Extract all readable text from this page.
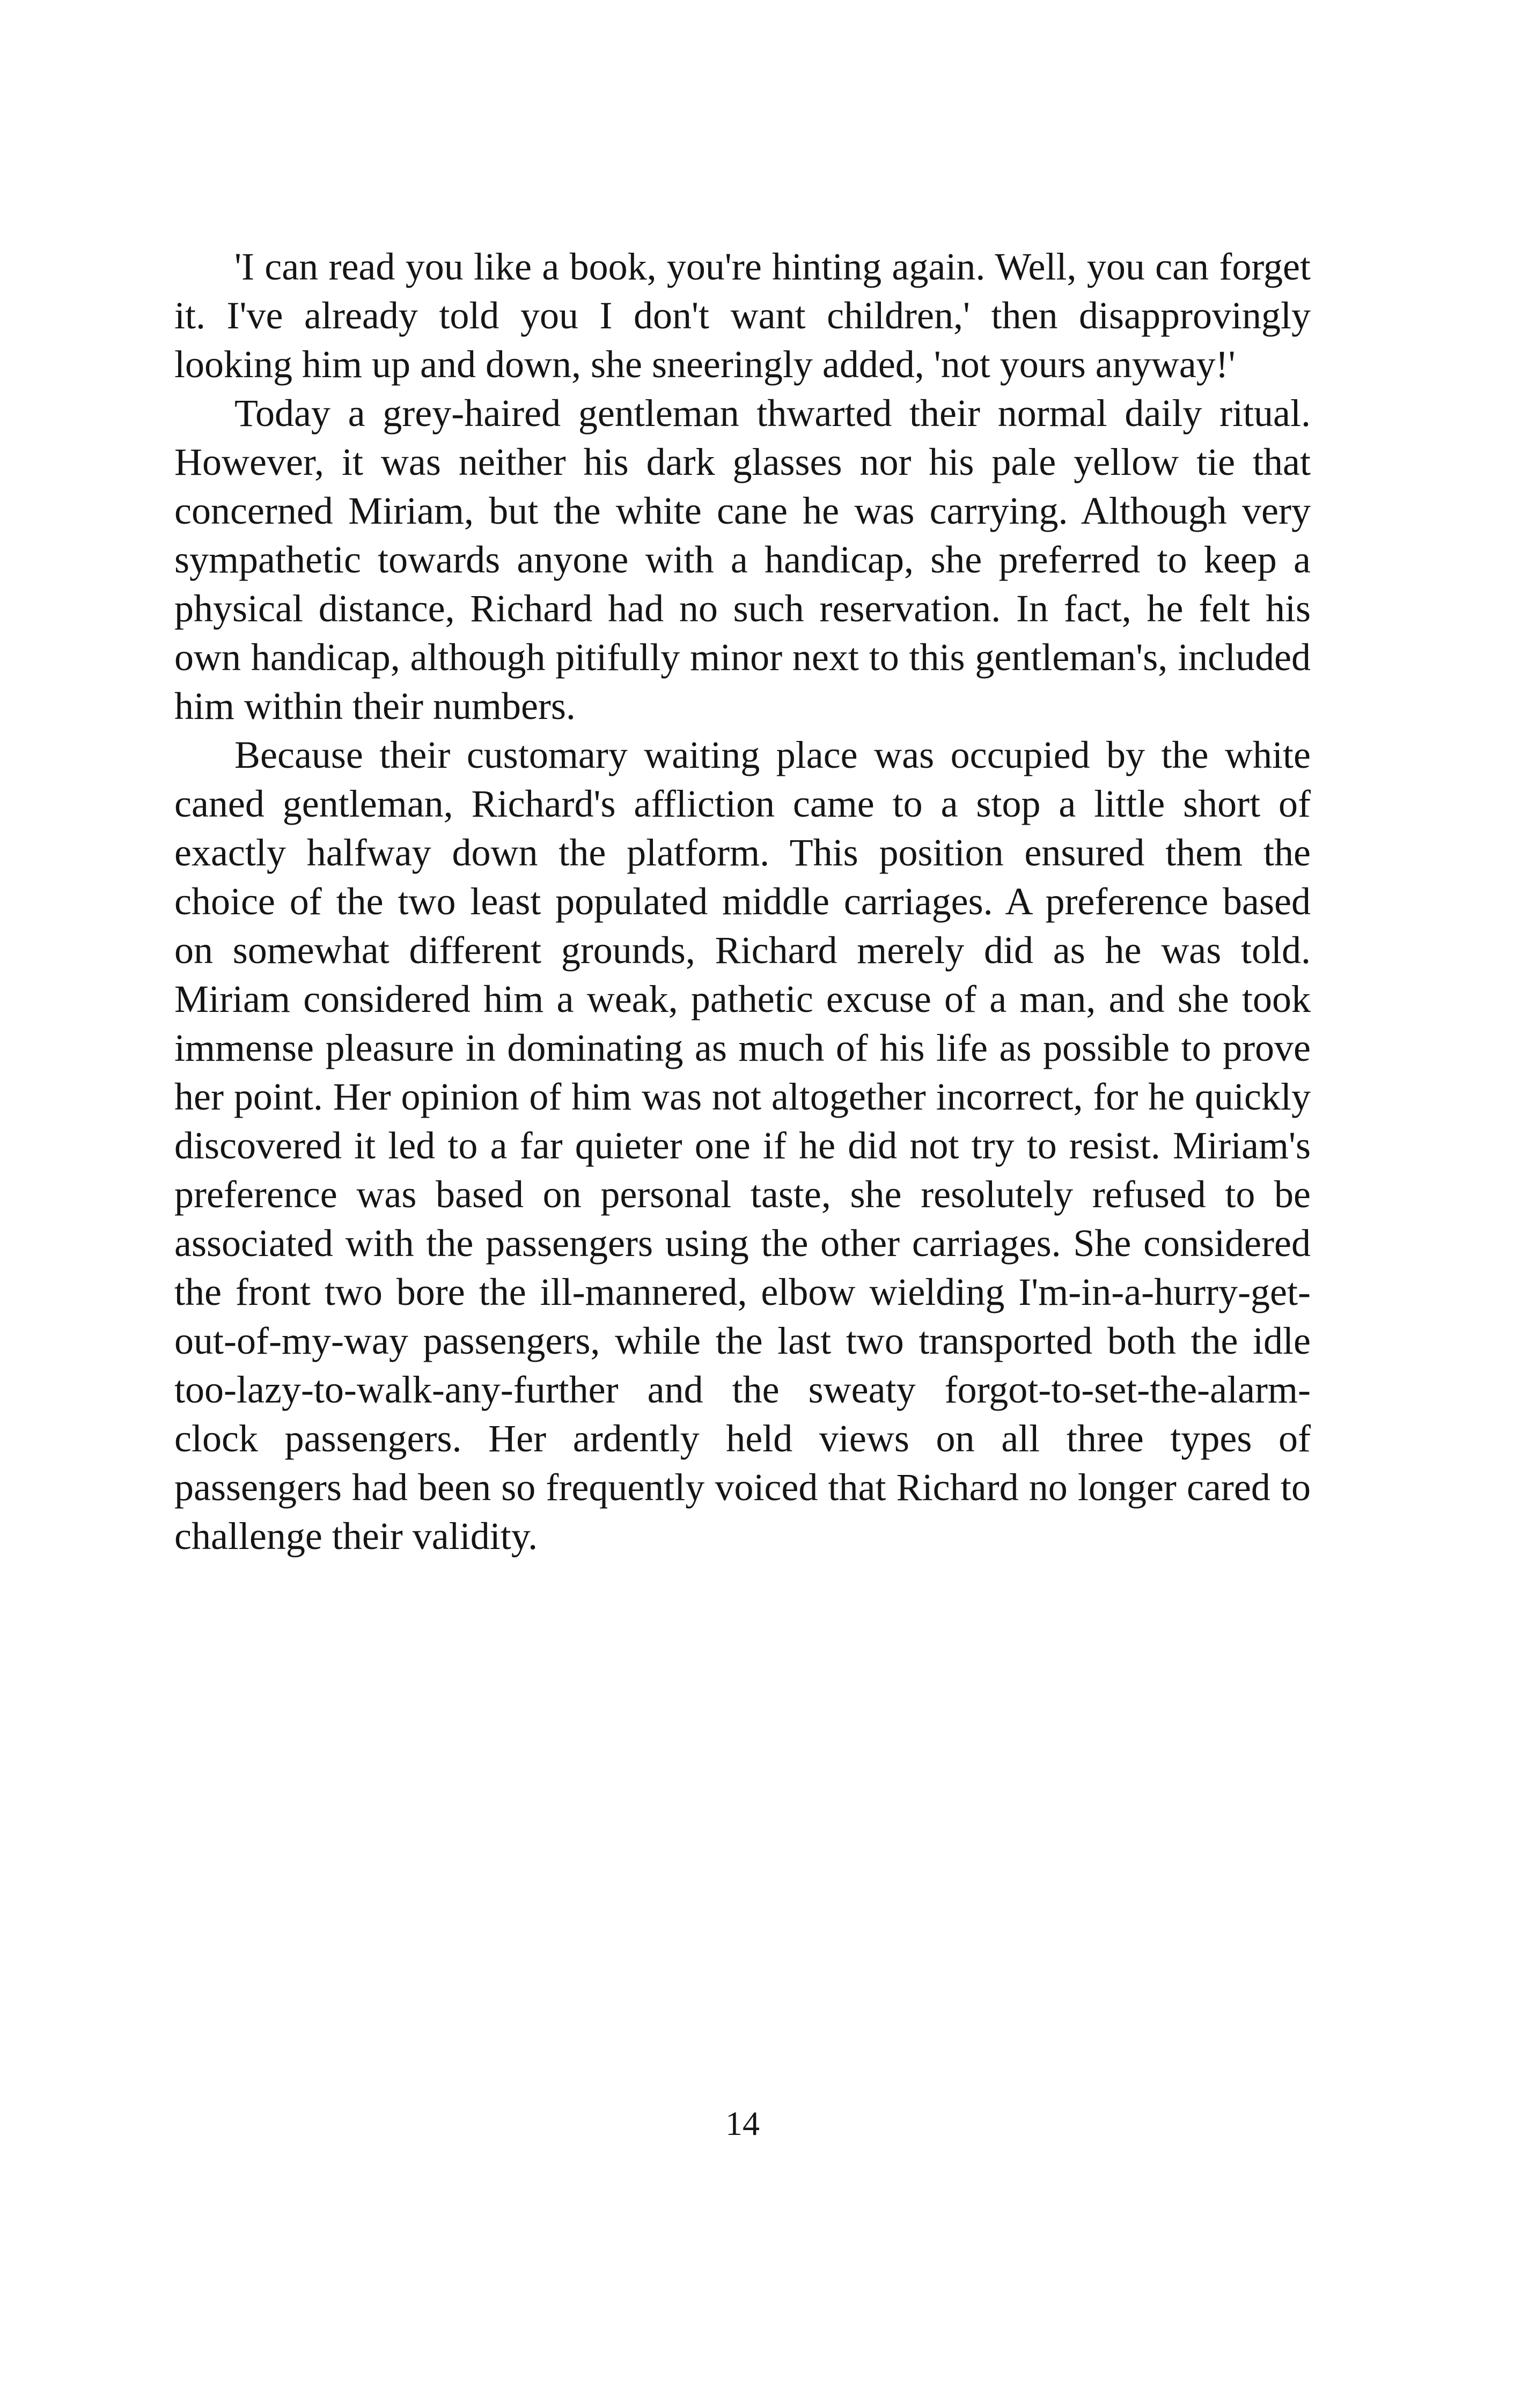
'I can read you like a book, you're hinting again. Well, you can forget it. I've already told you I don't want children,' then disapprovingly looking him up and down, she sneeringly added, 'not yours anyway!'

Today a grey-haired gentleman thwarted their normal daily ritual. However, it was neither his dark glasses nor his pale yellow tie that concerned Miriam, but the white cane he was carrying. Although very sympathetic towards anyone with a handicap, she preferred to keep a physical distance, Richard had no such reservation. In fact, he felt his own handicap, although pitifully minor next to this gentleman's, included him within their numbers.

Because their customary waiting place was occupied by the white caned gentleman, Richard's affliction came to a stop a little short of exactly halfway down the platform. This position ensured them the choice of the two least populated middle carriages. A preference based on somewhat different grounds, Richard merely did as he was told. Miriam considered him a weak, pathetic excuse of a man, and she took immense pleasure in dominating as much of his life as possible to prove her point. Her opinion of him was not altogether incorrect, for he quickly discovered it led to a far quieter one if he did not try to resist. Miriam's preference was based on personal taste, she resolutely refused to be associated with the passengers using the other carriages. She considered the front two bore the ill-mannered, elbow wielding I'm-in-a-hurry-get-out-of-my-way passengers, while the last two transported both the idle too-lazy-to-walk-any-further and the sweaty forgot-to-set-the-alarm-clock passengers. Her ardently held views on all three types of passengers had been so frequently voiced that Richard no longer cared to challenge their validity.

14
